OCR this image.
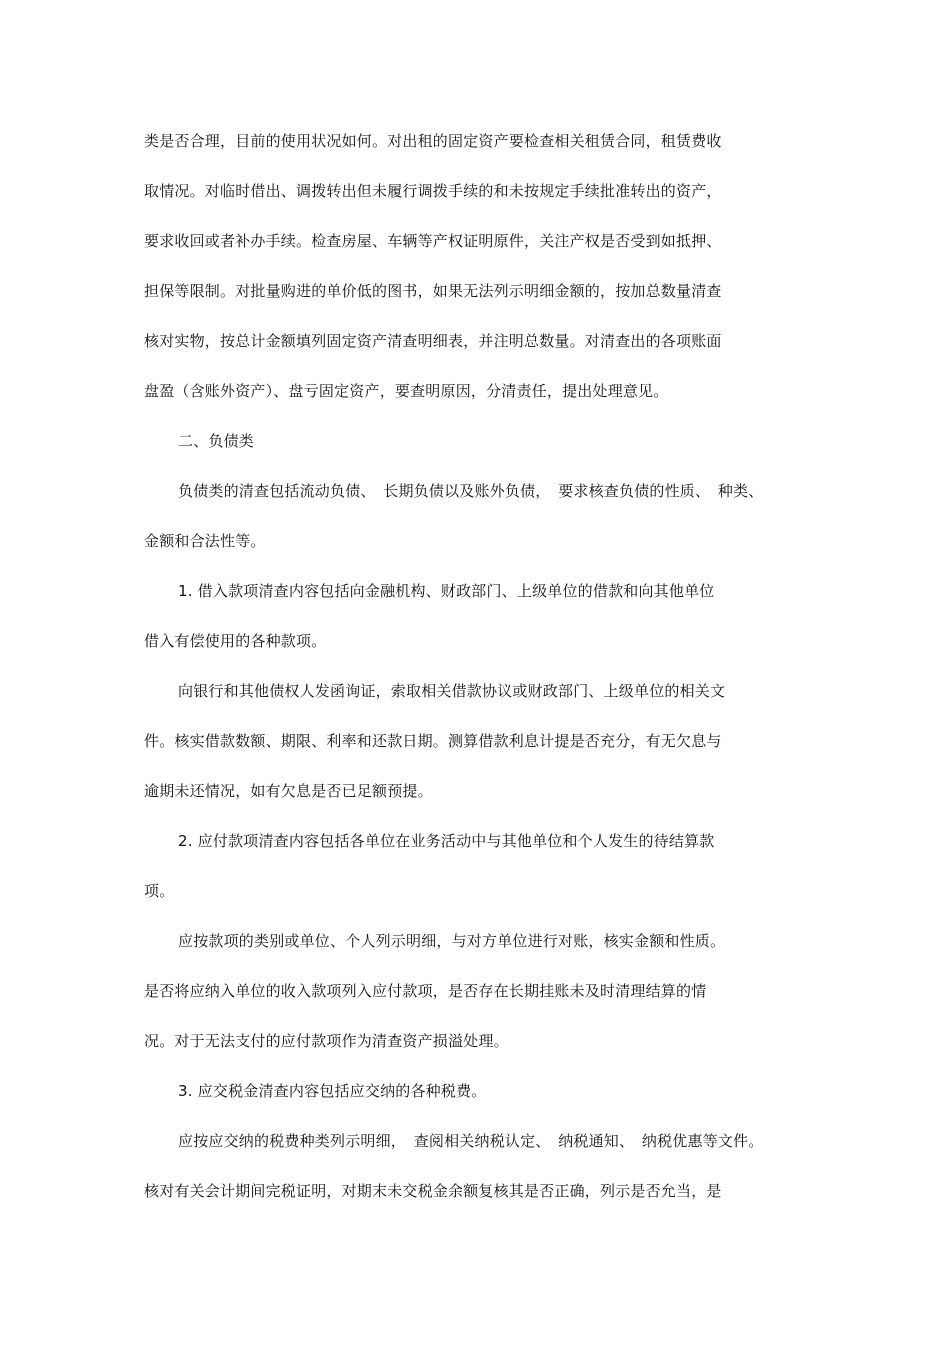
类是否合理，目前的使用状况如何。对出租的固定资产要检查相关租赁合同，租赁费收
取情况。对临时借出、调拨转出但未履行调拨手续的和未按规定手续批准转出的资产，
要求收回或者补办手续。检查房屋、车辆等产权证明原件，关注产权是否受到如抵押、
担保等限制。对批量购进的单价低的图书，如果无法列示明细金额的，按加总数量清查
核对实物，按总计金额填列固定资产清查明细表，并注明总数量。对清查出的各项账面
盘盈（含账外资产）、盘亏固定资产，要查明原因，分清责任，提出处理意见。
二、负债类
负债类的清查包括流动负债、　长期负债以及账外负债，　要求核查负债的性质、　种类、
金额和合法性等。
1. 借入款项清查内容包括向金融机构、财政部门、上级单位的借款和向其他单位
借入有偿使用的各种款项。
向银行和其他债权人发函询证，索取相关借款协议或财政部门、上级单位的相关文
件。核实借款数额、期限、利率和还款日期。测算借款利息计提是否充分，有无欠息与
逾期未还情况，如有欠息是否已足额预提。
2. 应付款项清查内容包括各单位在业务活动中与其他单位和个人发生的待结算款
项。
应按款项的类别或单位、个人列示明细，与对方单位进行对账，核实金额和性质。
是否将应纳入单位的收入款项列入应付款项，是否存在长期挂账未及时清理结算的情
况。对于无法支付的应付款项作为清查资产损溢处理。
3. 应交税金清查内容包括应交纳的各种税费。
应按应交纳的税费种类列示明细，　查阅相关纳税认定、　纳税通知、　纳税优惠等文件。
核对有关会计期间完税证明，对期末未交税金余额复核其是否正确，列示是否允当，是
